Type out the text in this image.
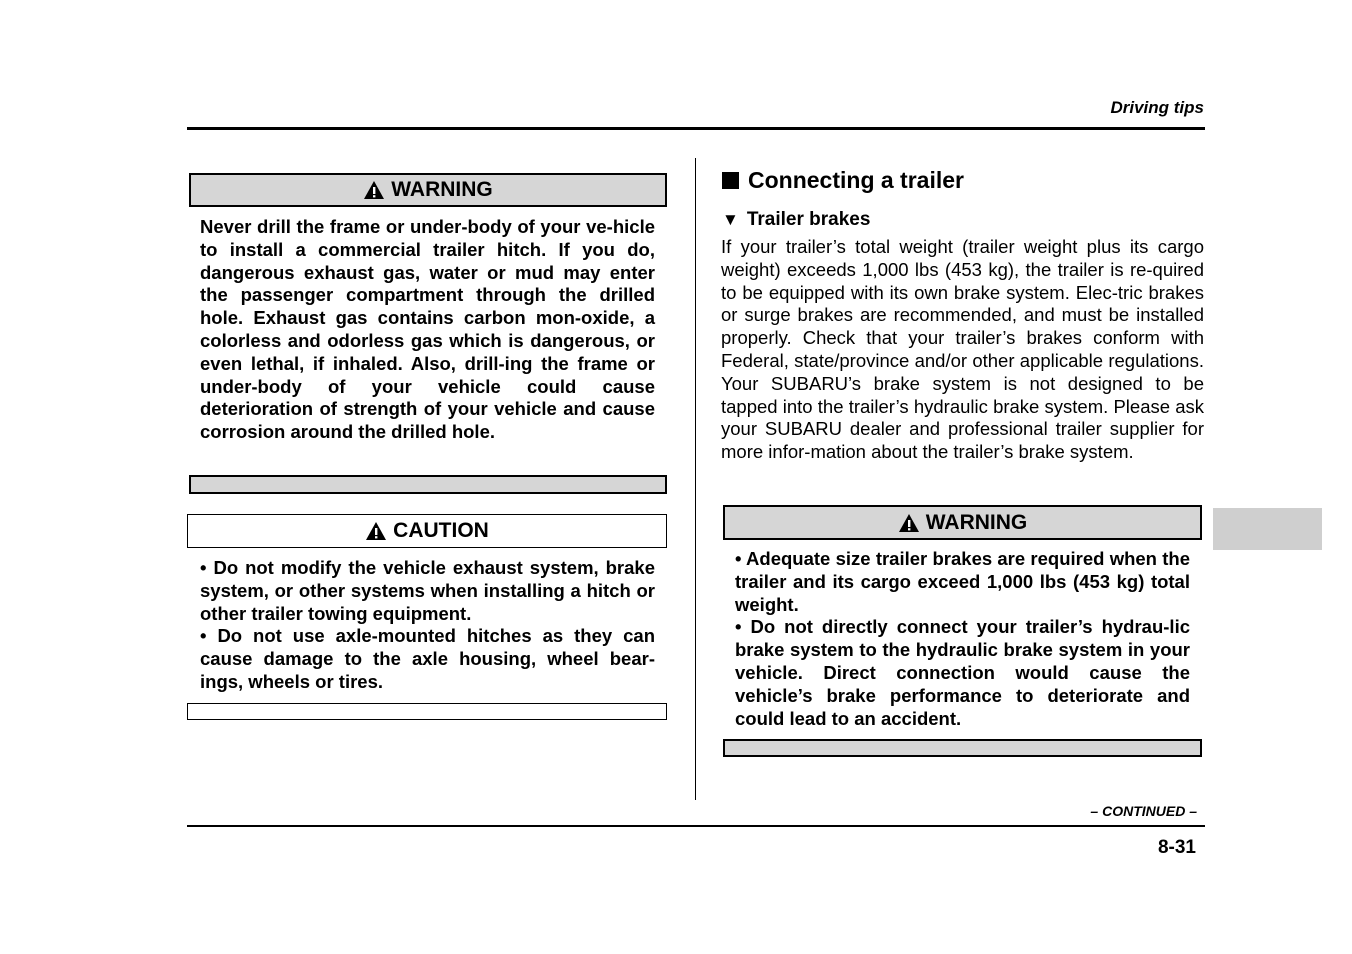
Driving tips
WARNING

Never drill the frame or under-body of your ve-hicle to install a commercial trailer hitch. If you do, dangerous exhaust gas, water or mud may enter the passenger compartment through the drilled hole. Exhaust gas contains carbon mon-oxide, a colorless and odorless gas which is dangerous, or even lethal, if inhaled. Also, drill-ing the frame or under-body of your vehicle could cause deterioration of strength of your vehicle and cause corrosion around the drilled hole.

CAUTION

• Do not modify the vehicle exhaust system, brake system, or other systems when installing a hitch or other trailer towing equipment.

• Do not use axle-mounted hitches as they can cause damage to the axle housing, wheel bear-ings, wheels or tires.

Connecting a trailer
▼ Trailer brakes

If your trailer’s total weight (trailer weight plus its cargo weight) exceeds 1,000 lbs (453 kg), the trailer is re-quired to be equipped with its own brake system. Elec-tric brakes or surge brakes are recommended, and must be installed properly. Check that your trailer’s brakes conform with Federal, state/province and/or other applicable regulations. Your SUBARU’s brake system is not designed to be tapped into the trailer’s hydraulic brake system. Please ask your SUBARU dealer and professional trailer supplier for more infor-mation about the trailer’s brake system.

WARNING

• Adequate size trailer brakes are required when the trailer and its cargo exceed 1,000 lbs (453 kg) total weight.

• Do not directly connect your trailer’s hydrau-lic brake system to the hydraulic brake system in your vehicle. Direct connection would cause the vehicle’s brake performance to deteriorate and could lead to an accident.

– CONTINUED –
8-31
